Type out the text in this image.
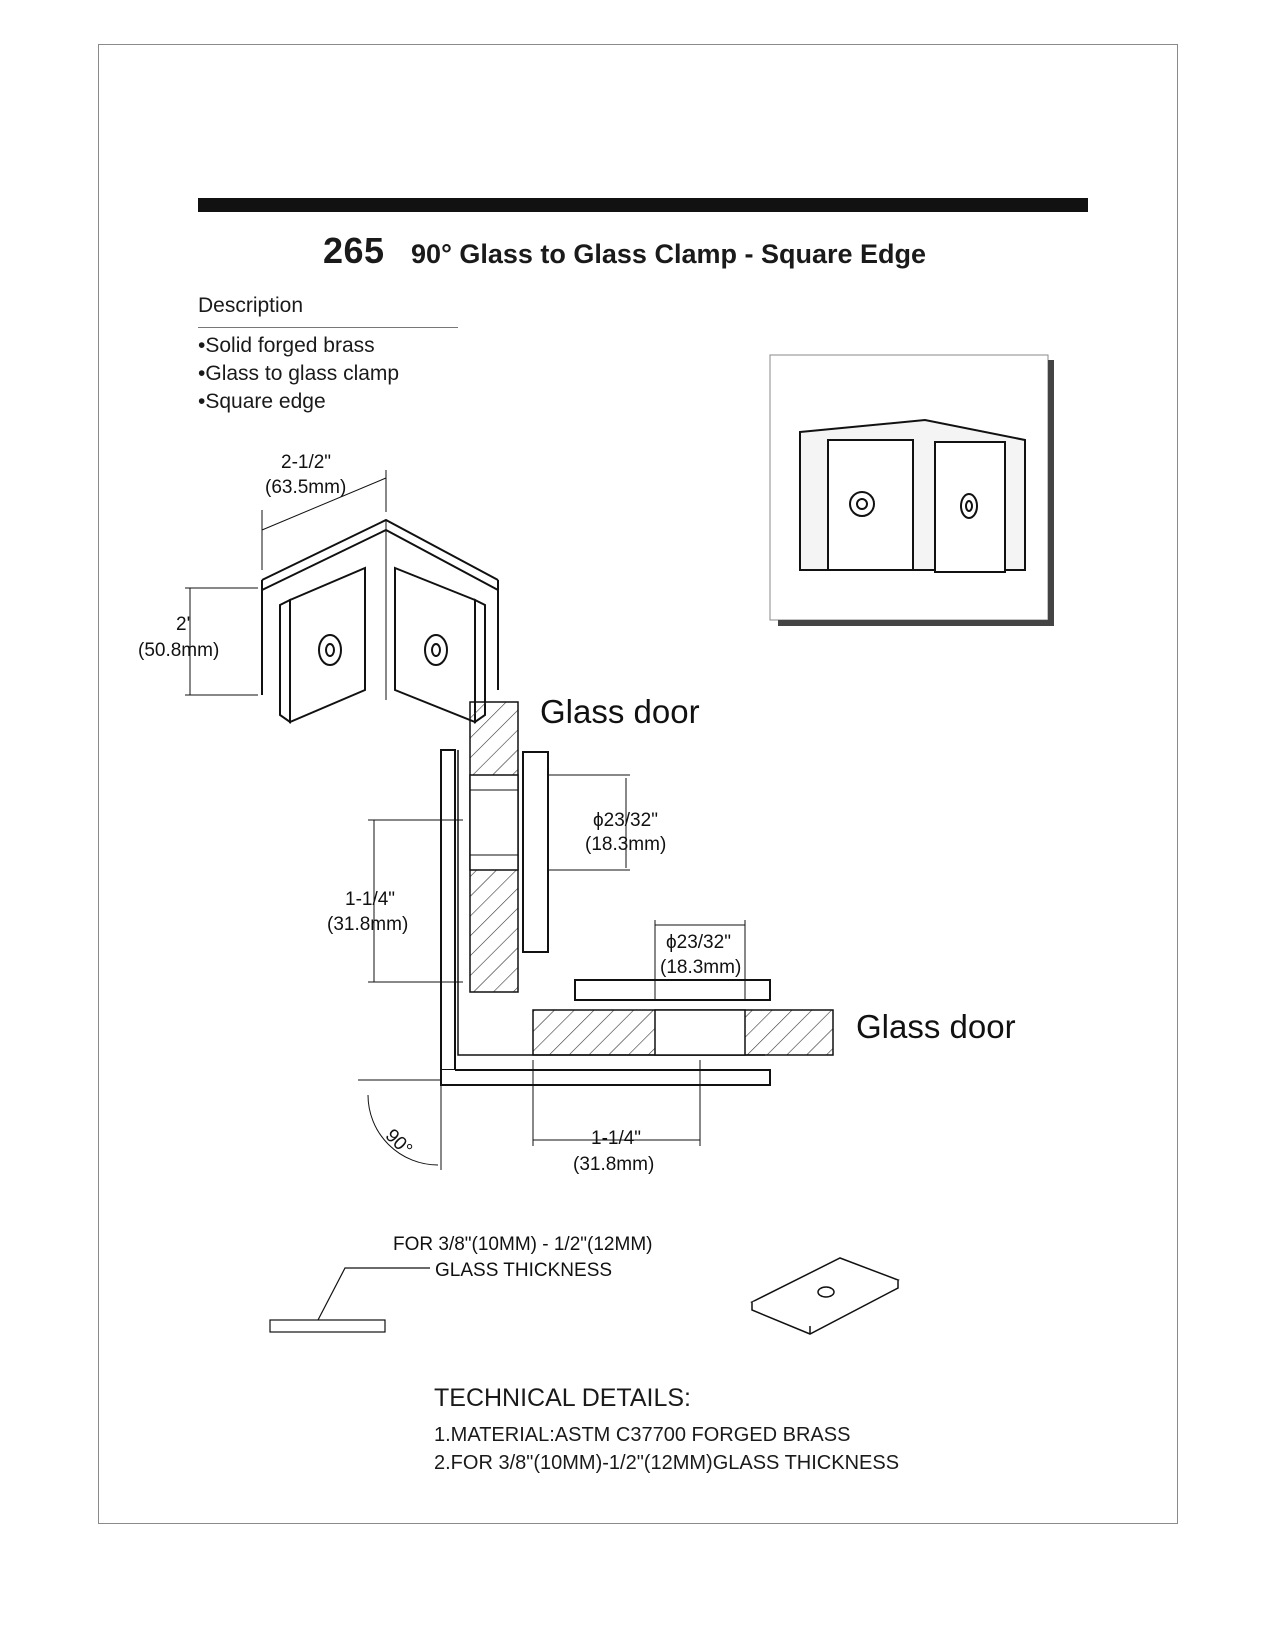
265 90° Glass to Glass Clamp - Square Edge
Description
• Solid forged brass
• Glass to glass clamp
• Square edge
2-1/2"
(63.5mm)
2'
(50.8mm)
Glass door
Glass door
ϕ23/32"
(18.3mm)
ϕ23/32"
(18.3mm)
1-1/4"
(31.8mm)
1-1/4"
(31.8mm)
90°
FOR 3/8"(10MM) - 1/2"(12MM)
GLASS THICKNESS
TECHNICAL DETAILS:
1.MATERIAL:ASTM C37700 FORGED BRASS
2.FOR 3/8"(10MM)-1/2"(12MM)GLASS THICKNESS
